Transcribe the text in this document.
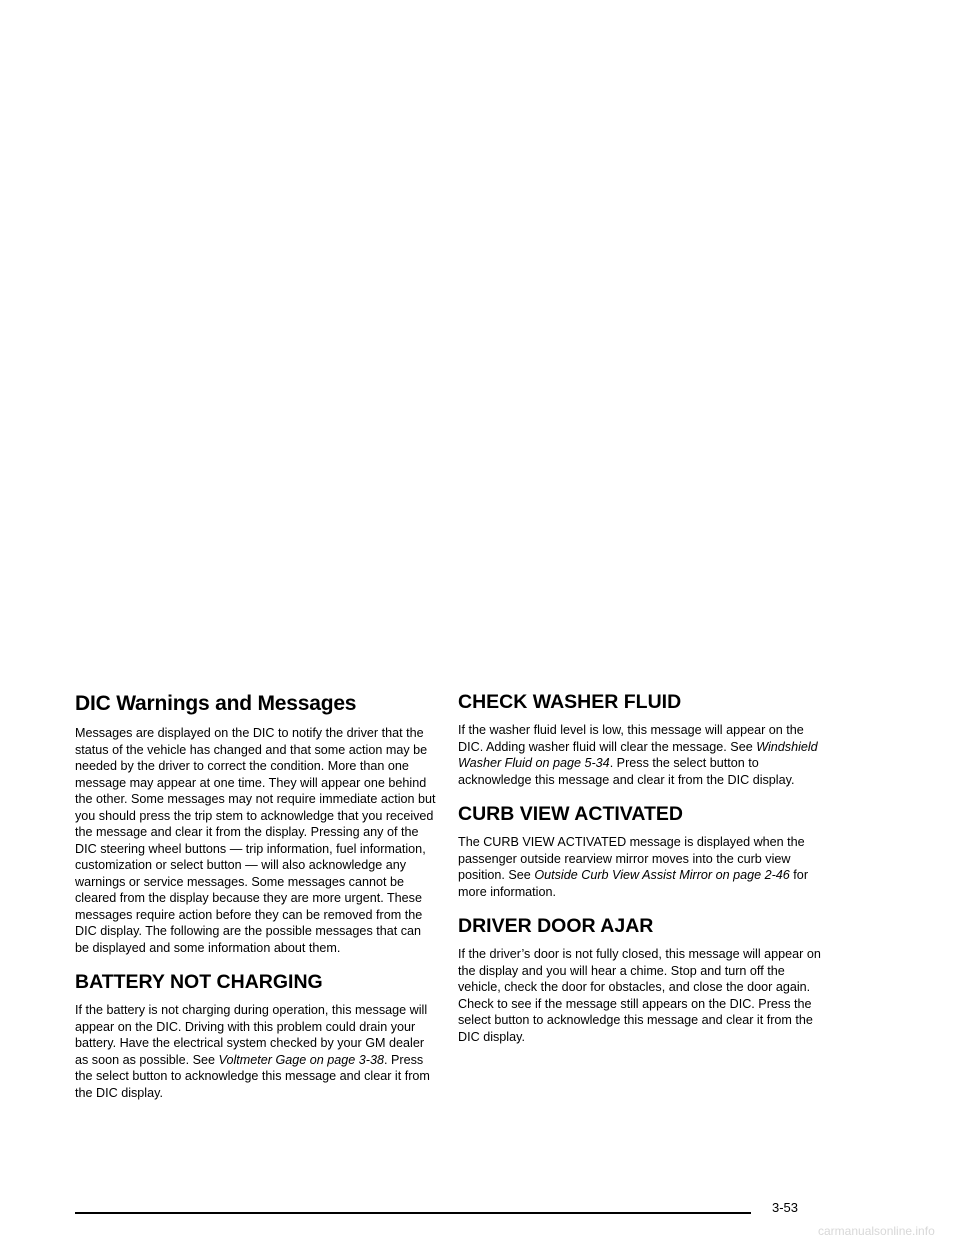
DIC Warnings and Messages

Messages are displayed on the DIC to notify the driver that the status of the vehicle has changed and that some action may be needed by the driver to correct the condition. More than one message may appear at one time. They will appear one behind the other. Some messages may not require immediate action but you should press the trip stem to acknowledge that you received the message and clear it from the display. Pressing any of the DIC steering wheel buttons — trip information, fuel information, customization or select button — will also acknowledge any warnings or service messages. Some messages cannot be cleared from the display because they are more urgent. These messages require action before they can be removed from the DIC display. The following are the possible messages that can be displayed and some information about them.

BATTERY NOT CHARGING

If the battery is not charging during operation, this message will appear on the DIC. Driving with this problem could drain your battery. Have the electrical system checked by your GM dealer as soon as possible. See Voltmeter Gage on page 3-38. Press the select button to acknowledge this message and clear it from the DIC display.

CHECK WASHER FLUID

If the washer fluid level is low, this message will appear on the DIC. Adding washer fluid will clear the message. See Windshield Washer Fluid on page 5-34. Press the select button to acknowledge this message and clear it from the DIC display.

CURB VIEW ACTIVATED

The CURB VIEW ACTIVATED message is displayed when the passenger outside rearview mirror moves into the curb view position. See Outside Curb View Assist Mirror on page 2-46 for more information.

DRIVER DOOR AJAR

If the driver’s door is not fully closed, this message will appear on the display and you will hear a chime. Stop and turn off the vehicle, check the door for obstacles, and close the door again. Check to see if the message still appears on the DIC. Press the select button to acknowledge this message and clear it from the DIC display.

3-53
carmanualsonline.info
